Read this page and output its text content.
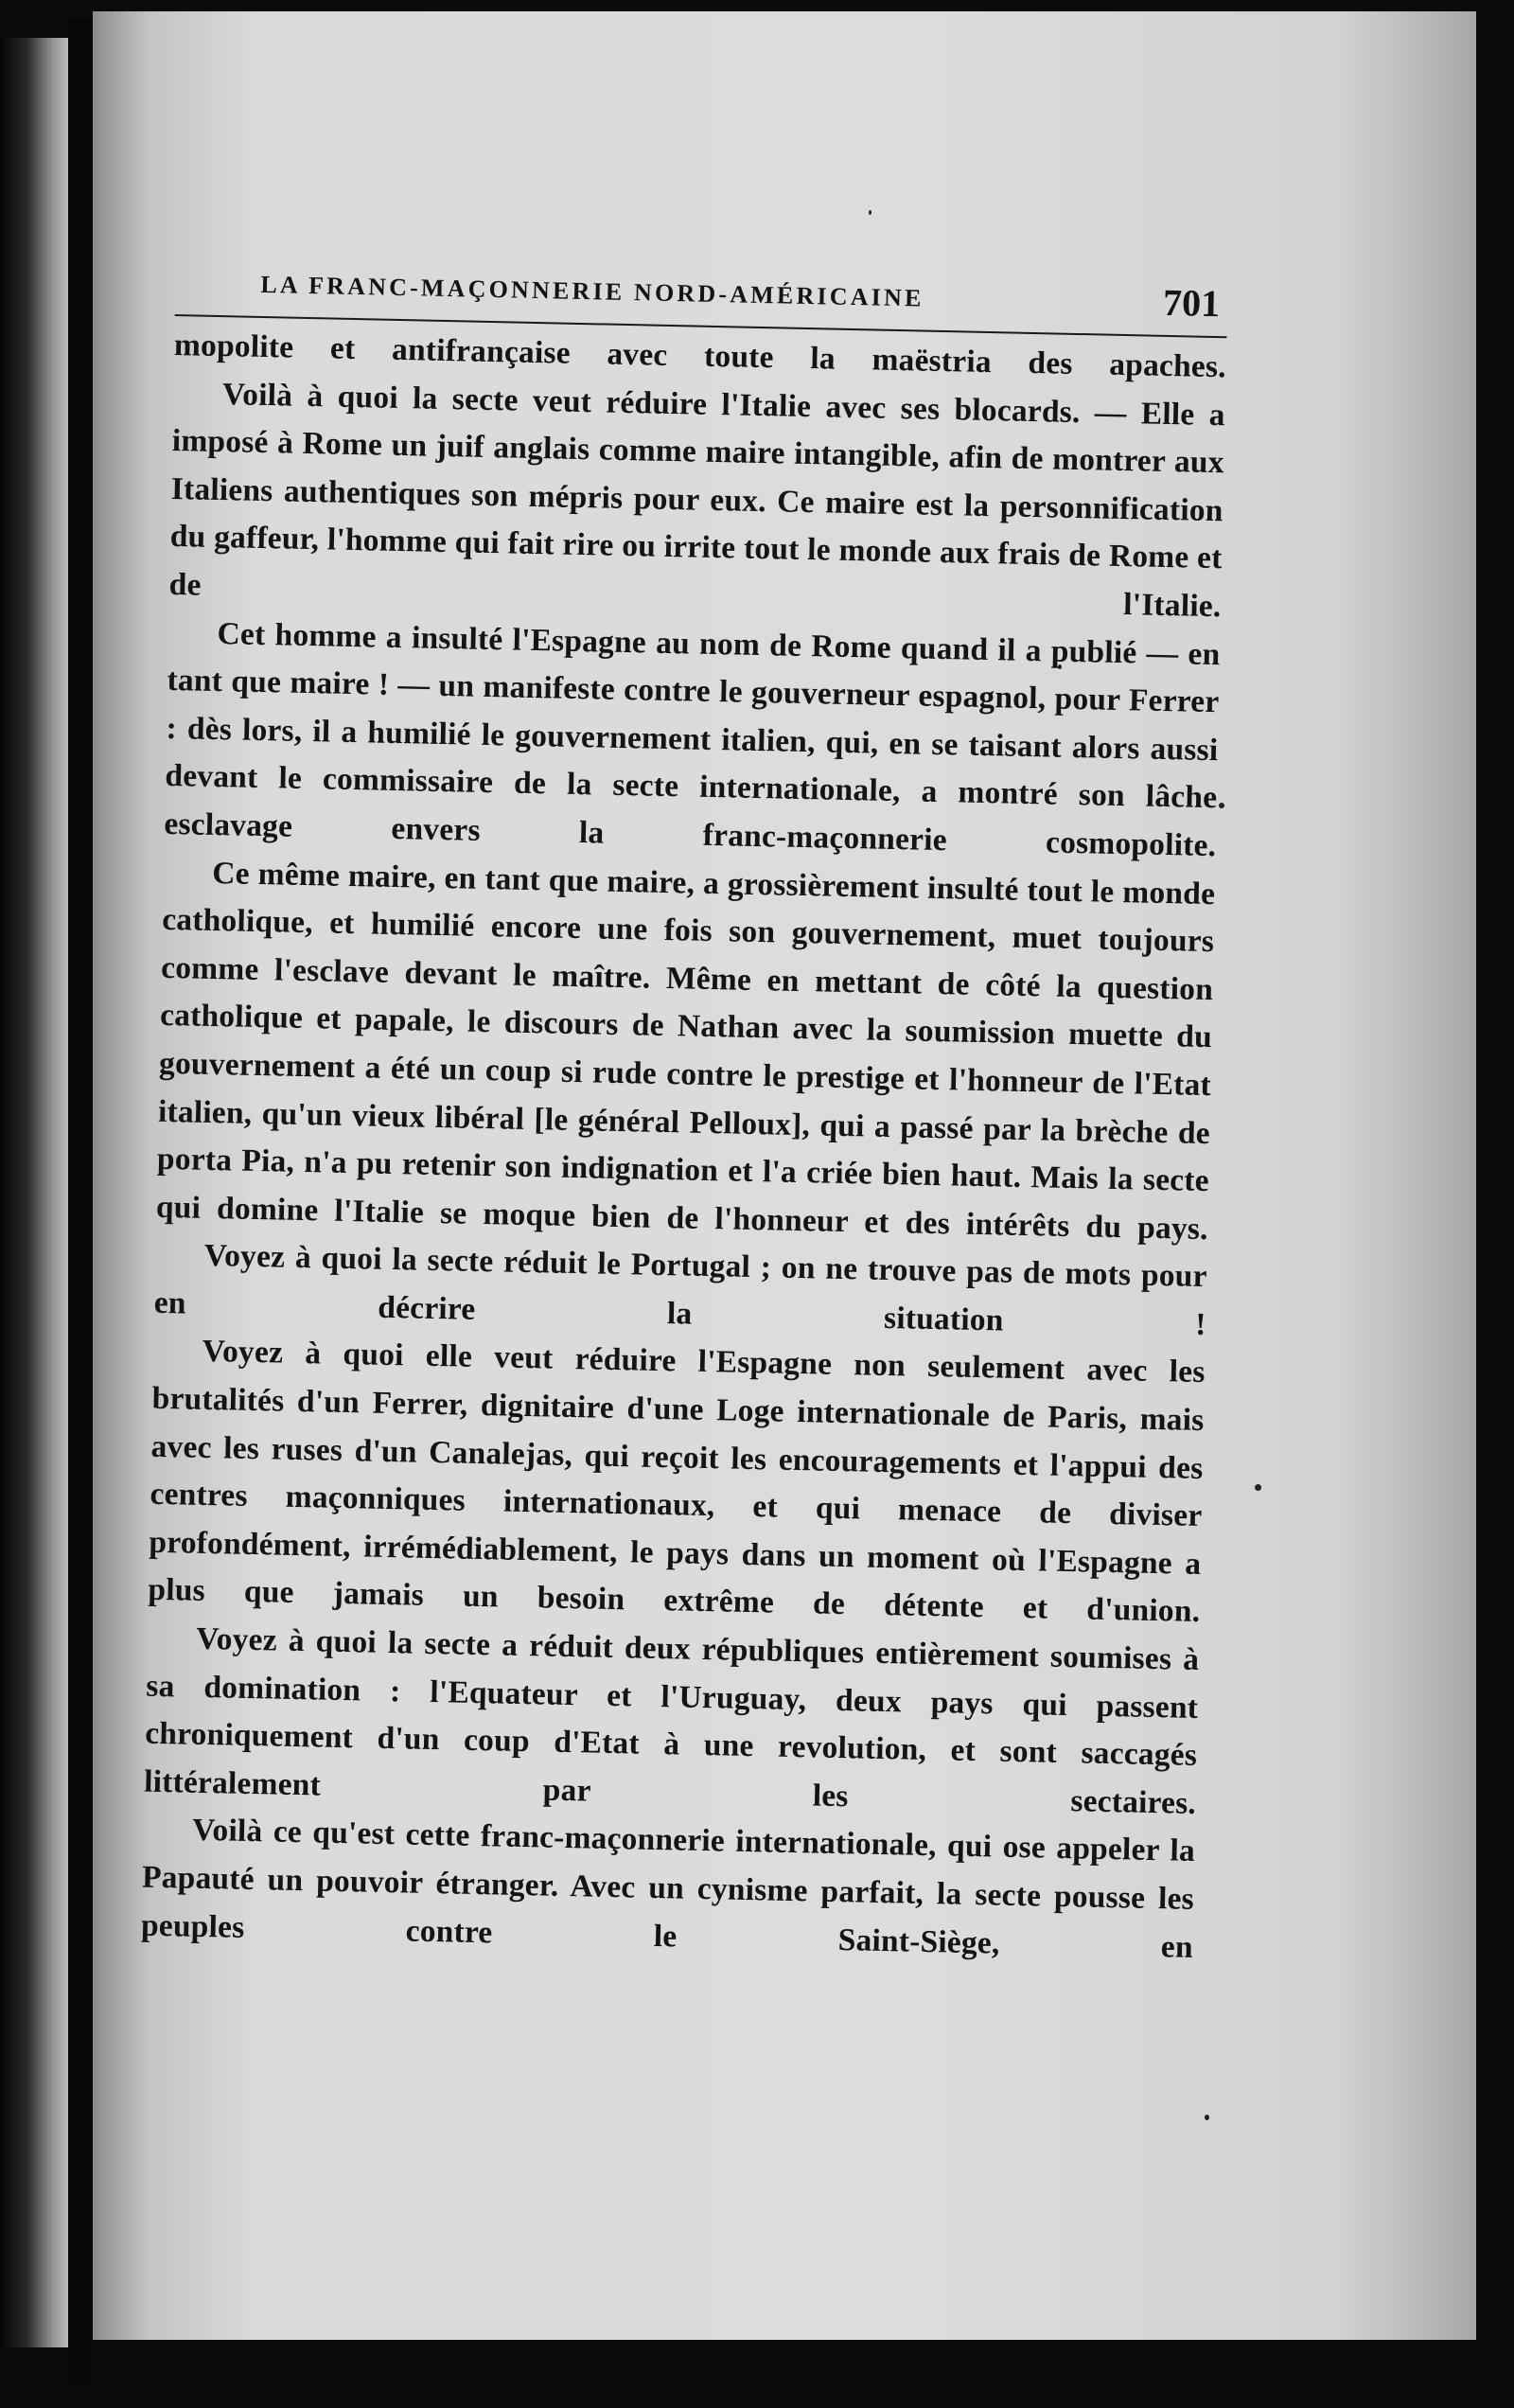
LA FRANC-MAÇONNERIE NORD-AMÉRICAINE	701

mopolite et antifrançaise avec toute la maëstria des apaches.

Voilà à quoi la secte veut réduire l'Italie avec ses blocards. — Elle a imposé à Rome un juif anglais comme maire intangible, afin de montrer aux Italiens authentiques son mépris pour eux. Ce maire est la personnification du gaffeur, l'homme qui fait rire ou irrite tout le monde aux frais de Rome et de l'Italie.

Cet homme a insulté l'Espagne au nom de Rome quand il a publié — en tant que maire ! — un manifeste contre le gouverneur espagnol, pour Ferrer : dès lors, il a humilié le gouvernement italien, qui, en se taisant alors aussi devant le commissaire de la secte internationale, a montré son lâche esclavage envers la franc-maçonnerie cosmopolite.

Ce même maire, en tant que maire, a grossièrement insulté tout le monde catholique, et humilié encore une fois son gouvernement, muet toujours comme l'esclave devant le maître. Même en mettant de côté la question catholique et papale, le discours de Nathan avec la soumission muette du gouvernement a été un coup si rude contre le prestige et l'honneur de l'Etat italien, qu'un vieux libéral [le général Pelloux], qui a passé par la brèche de porta Pia, n'a pu retenir son indignation et l'a criée bien haut. Mais la secte qui domine l'Italie se moque bien de l'honneur et des intérêts du pays.

Voyez à quoi la secte réduit le Portugal ; on ne trouve pas de mots pour en décrire la situation !

Voyez à quoi elle veut réduire l'Espagne non seulement avec les brutalités d'un Ferrer, dignitaire d'une Loge internationale de Paris, mais avec les ruses d'un Canalejas, qui reçoit les encouragements et l'appui des centres maçonniques internationaux, et qui menace de diviser profondément, irrémédiablement, le pays dans un moment où l'Espagne a plus que jamais un besoin extrême de détente et d'union.

Voyez à quoi la secte a réduit deux républiques entièrement soumises à sa domination : l'Equateur et l'Uruguay, deux pays qui passent chroniquement d'un coup d'Etat à une revolution, et sont saccagés littéralement par les sectaires.

Voilà ce qu'est cette franc-maçonnerie internationale, qui ose appeler la Papauté un pouvoir étranger. Avec un cynisme parfait, la secte pousse les peuples contre le Saint-Siège, en
